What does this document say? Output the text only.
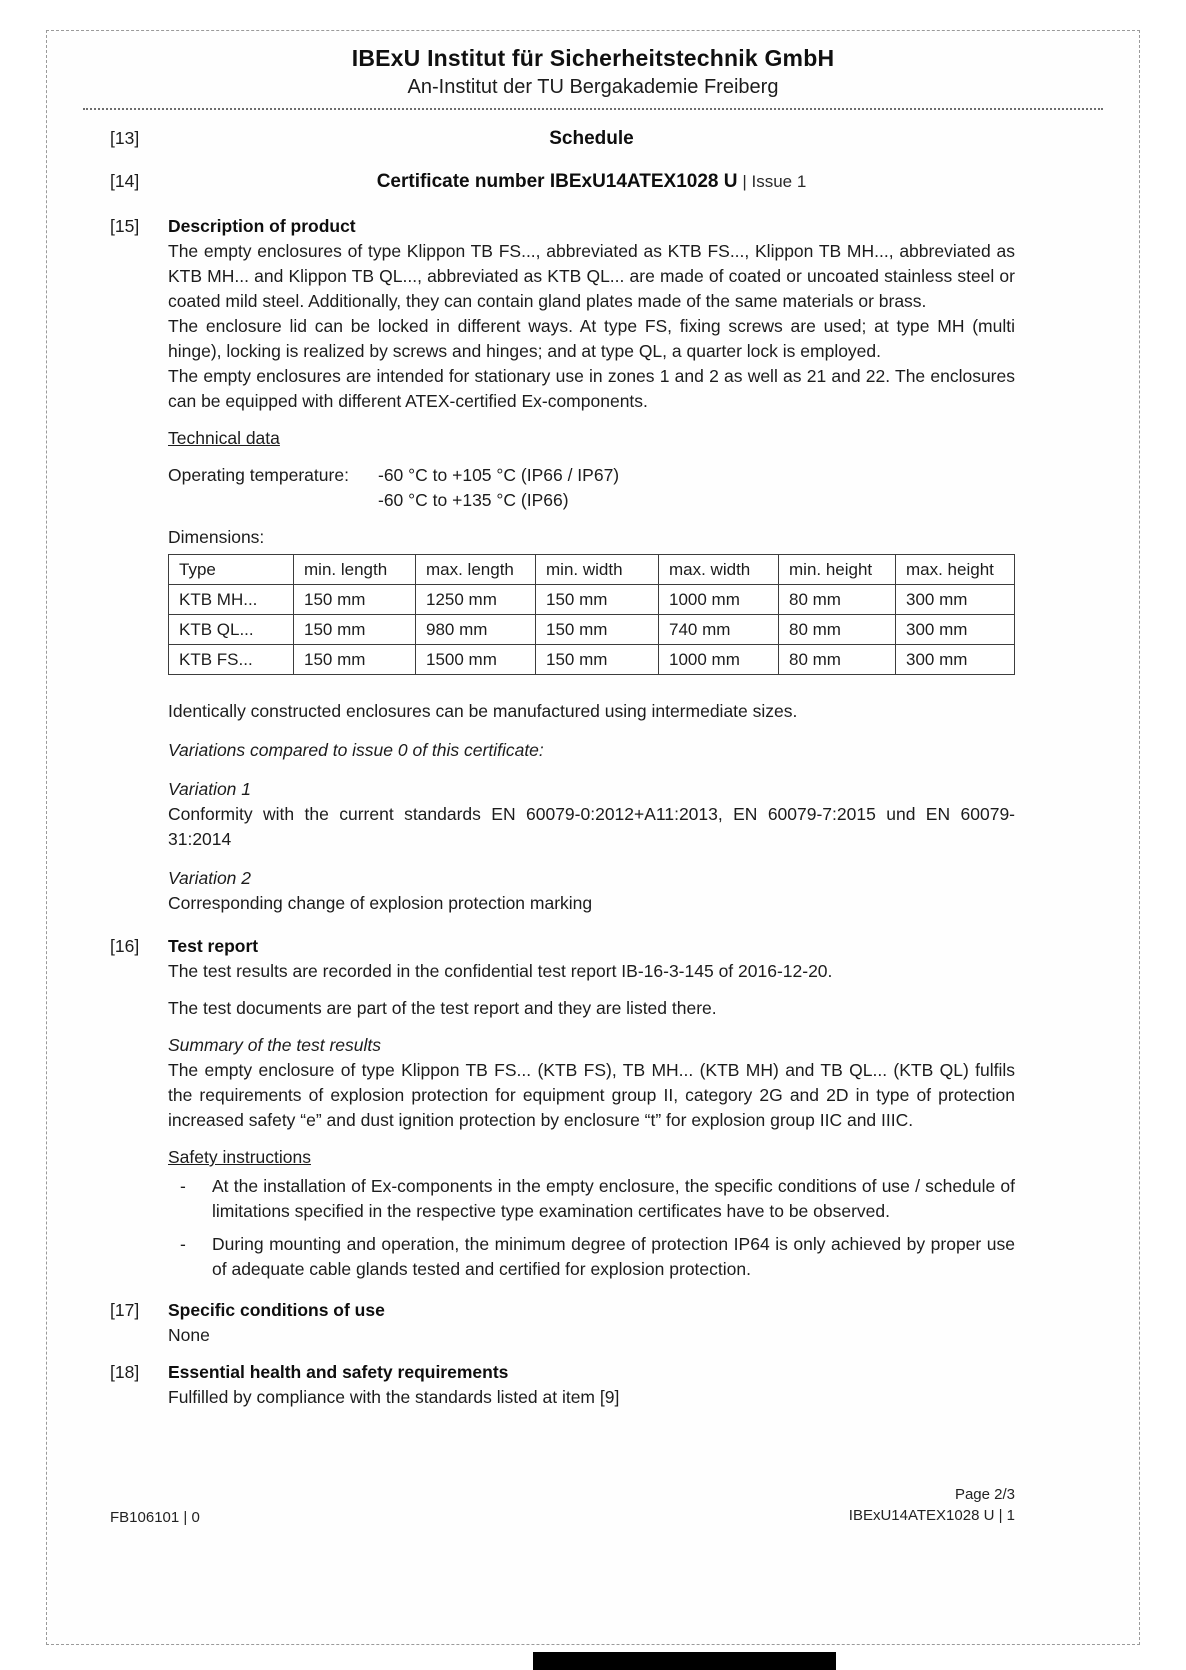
IBExU Institut für Sicherheitstechnik GmbH
An-Institut der TU Bergakademie Freiberg
[13]	Schedule
[14]	Certificate number IBExU14ATEX1028 U | Issue 1
[15]	Description of product

The empty enclosures of type Klippon TB FS..., abbreviated as KTB FS..., Klippon TB MH..., abbreviated as KTB MH... and Klippon TB QL..., abbreviated as KTB QL... are made of coated or uncoated stainless steel or coated mild steel. Additionally, they can contain gland plates made of the same materials or brass.

The enclosure lid can be locked in different ways. At type FS, fixing screws are used; at type MH (multi hinge), locking is realized by screws and hinges; and at type QL, a quarter lock is employed.

The empty enclosures are intended for stationary use in zones 1 and 2 as well as 21 and 22. The enclosures can be equipped with different ATEX-certified Ex-components.

Technical data
Operating temperature:	-60 °C to +105 °C (IP66 / IP67)
-60 °C to +135 °C (IP66)
Dimensions:
Type	min. length	max. length	min. width	max. width	min. height	max. height
KTB MH...	150 mm	1250 mm	150 mm	1000 mm	80 mm	300 mm
KTB QL...	150 mm	980 mm	150 mm	740 mm	80 mm	300 mm
KTB FS...	150 mm	1500 mm	150 mm	1000 mm	80 mm	300 mm

Identically constructed enclosures can be manufactured using intermediate sizes.

Variations compared to issue 0 of this certificate:

Variation 1

Conformity with the current standards EN 60079-0:2012+A11:2013, EN 60079-7:2015 und EN 60079-31:2014

Variation 2

Corresponding change of explosion protection marking

[16]	Test report

The test results are recorded in the confidential test report IB-16-3-145 of 2016-12-20.

The test documents are part of the test report and they are listed there.

Summary of the test results

The empty enclosure of type Klippon TB FS... (KTB FS), TB MH... (KTB MH) and TB QL... (KTB QL) fulfils the requirements of explosion protection for equipment group II, category 2G and 2D in type of protection increased safety “e” and dust ignition protection by enclosure “t” for explosion group IIC and IIIC.

Safety instructions
-	At the installation of Ex-components in the empty enclosure, the specific conditions of use / schedule of limitations specified in the respective type examination certificates have to be observed.
-	During mounting and operation, the minimum degree of protection IP64 is only achieved by proper use of adequate cable glands tested and certified for explosion protection.
[17]	Specific conditions of use

None

[18]	Essential health and safety requirements

Fulfilled by compliance with the standards listed at item [9]

FB106101 | 0
Page 2/3
IBExU14ATEX1028 U | 1
